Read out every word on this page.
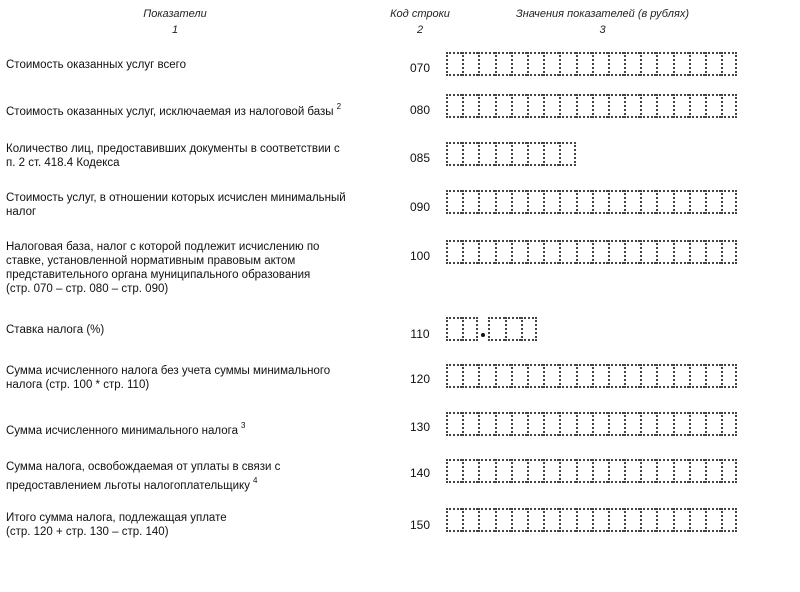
Показатели
1
Код строки
2
Значения показателей (в рублях)
3
Стоимость оказанных услуг всего	070
Стоимость оказанных услуг, исключаемая из налоговой базы $^2$	080
Количество лиц, предоставивших документы в соответствии с
п. 2 ст. 418.4 Кодекса	085
Стоимость услуг, в отношении которых исчислен минимальный
налог	090
Налоговая база, налог с которой подлежит исчислению по
ставке, установленной нормативным правовым актом
представительного органа муниципального образования
(стр. 070 – стр. 080 – стр. 090)
100
Ставка налога (%)	110
Сумма исчисленного налога без учета суммы минимального
налога (стр. 100 * стр. 110)	120
Сумма исчисленного минимального налога $^3$	130
Сумма налога, освобождаемая от уплаты в связи с
предоставлением льготы налогоплательщику $^4$
140
Итого сумма налога, подлежащая уплате
(стр. 120 + стр. 130 – стр. 140)	150
